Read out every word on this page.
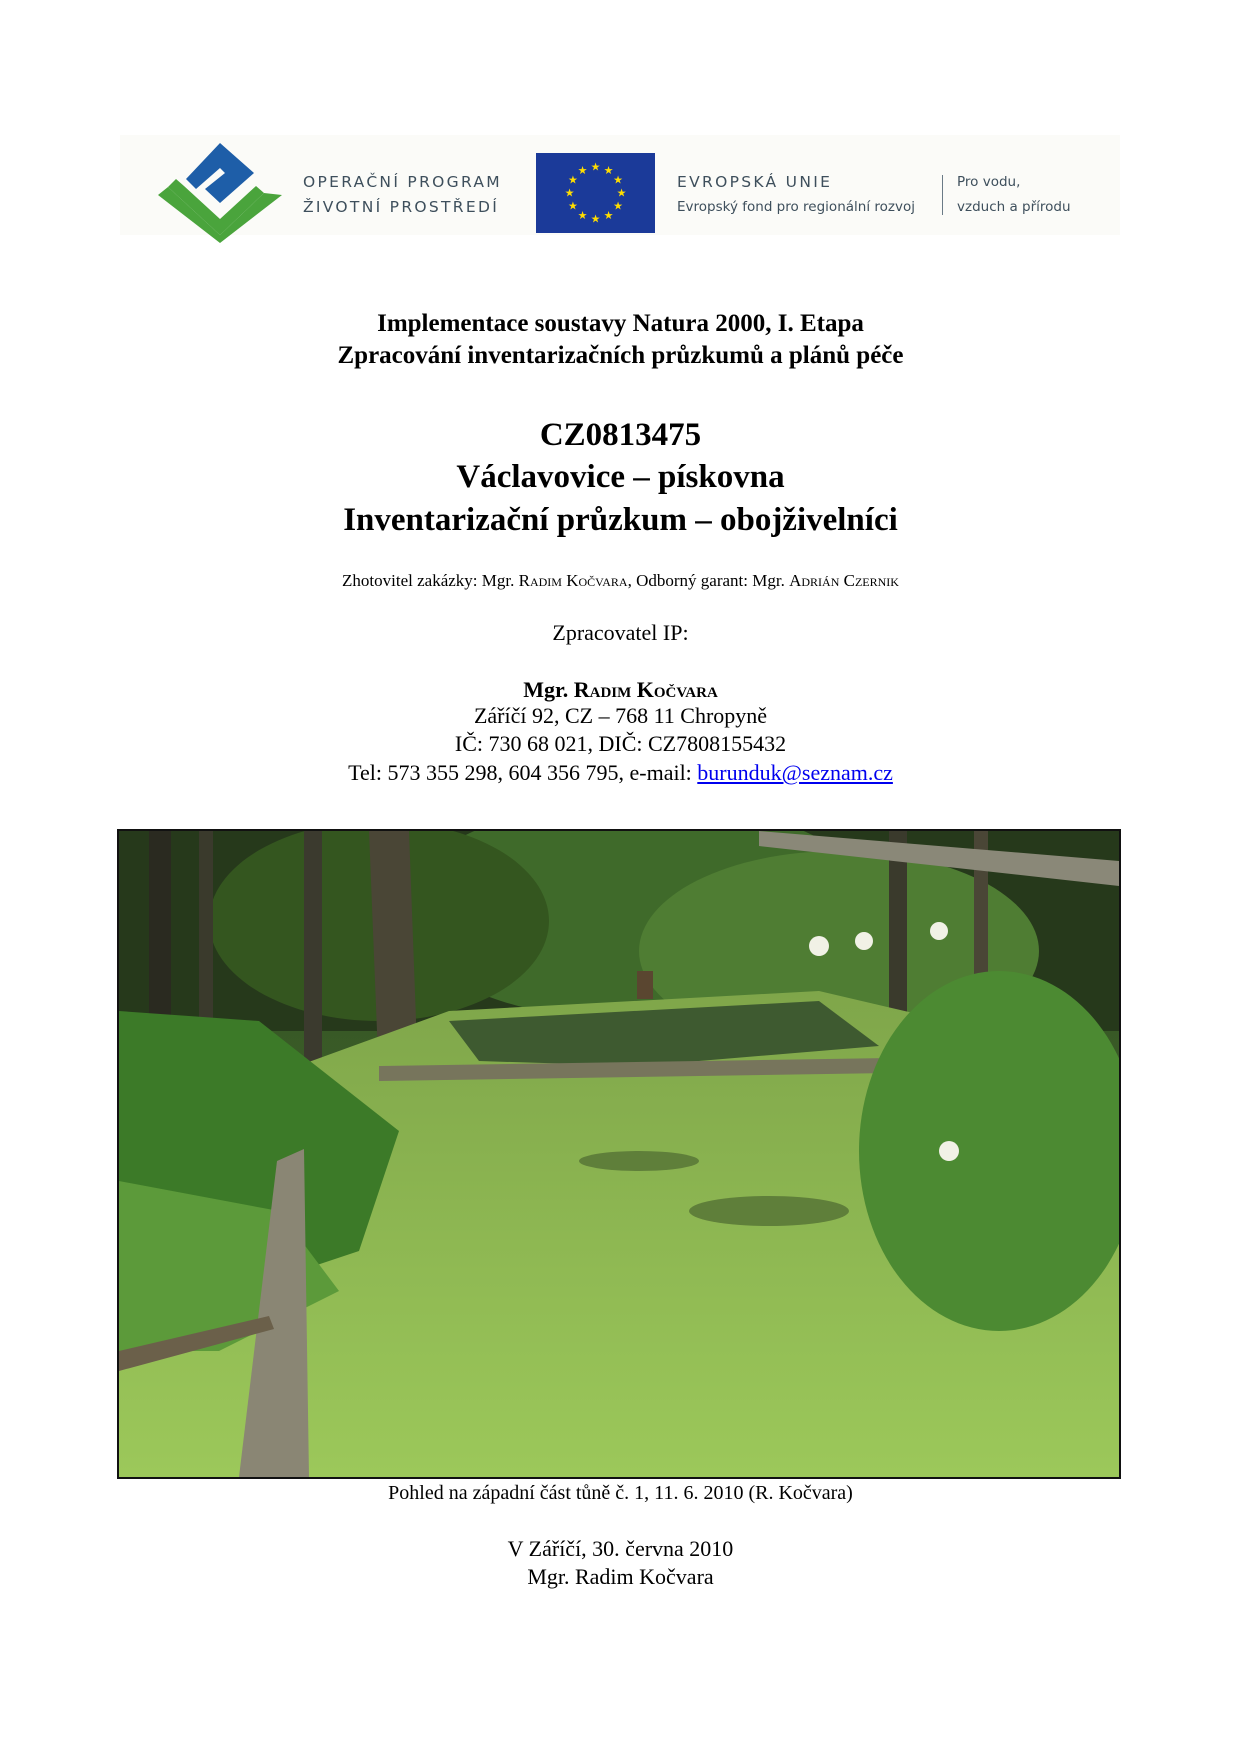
OPERAČNÍ PROGRAM
ŽIVOTNÍ PROSTŘEDÍ
★ ★
★
★
★
★
★
★
★
★
★
★
EVROPSKÁ UNIE
Evropský fond pro regionální rozvoj
Pro vodu,
vzduch a přírodu
Implementace soustavy Natura 2000, I. Etapa
Zpracování inventarizačních průzkumů a plánů péče
CZ0813475
Václavovice – pískovna
Inventarizační průzkum – obojživelníci
Zhotovitel zakázky: Mgr. Radim Kočvara, Odborný garant: Mgr. Adrián Czernik
Zpracovatel IP:
Mgr. Radim Kočvara
Záříčí 92, CZ – 768 11 Chropyně
IČ: 730 68 021, DIČ: CZ7808155432
Tel: 573 355 298, 604 356 795, e-mail: burunduk@seznam.cz
Pohled na západní část tůně č. 1, 11. 6. 2010 (R. Kočvara)
V Záříčí, 30. června 2010
Mgr. Radim Kočvara
